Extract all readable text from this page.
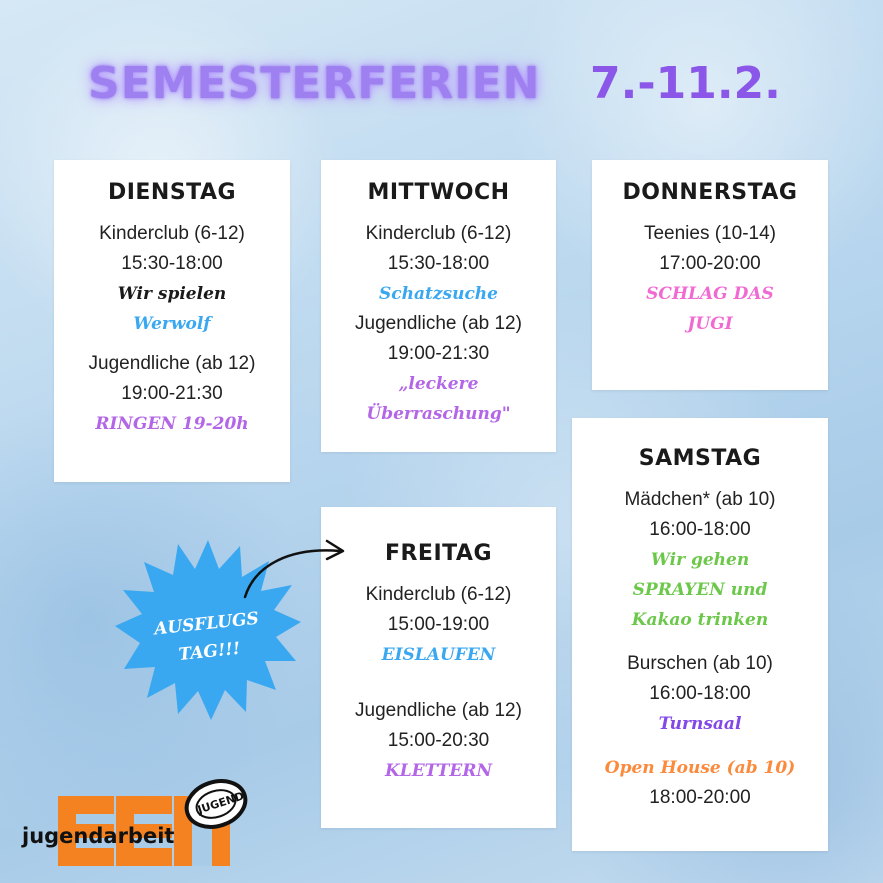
SEMESTERFERIEN 7.-11.2.
DIENSTAG
Kinderclub (6-12)
15:30-18:00
Wir spielen
Werwolf
Jugendliche (ab 12)
19:00-21:30
RINGEN 19-20h
MITTWOCH
Kinderclub (6-12)
15:30-18:00
Schatzsuche
Jugendliche (ab 12)
19:00-21:30
„leckere
Überraschung"
DONNERSTAG
Teenies (10-14)
17:00-20:00
SCHLAG DAS
JUGI
FREITAG
Kinderclub (6-12)
15:00-19:00
EISLAUFEN
Jugendliche (ab 12)
15:00-20:30
KLETTERN
SAMSTAG
Mädchen* (ab 10)
16:00-18:00
Wir gehen
SPRAYEN und
Kakao trinken
Burschen (ab 10)
16:00-18:00
Turnsaal
Open House (ab 10)
18:00-20:00
AUSFLUGS
TAG!!!
jugendarbeit
JUGEND
